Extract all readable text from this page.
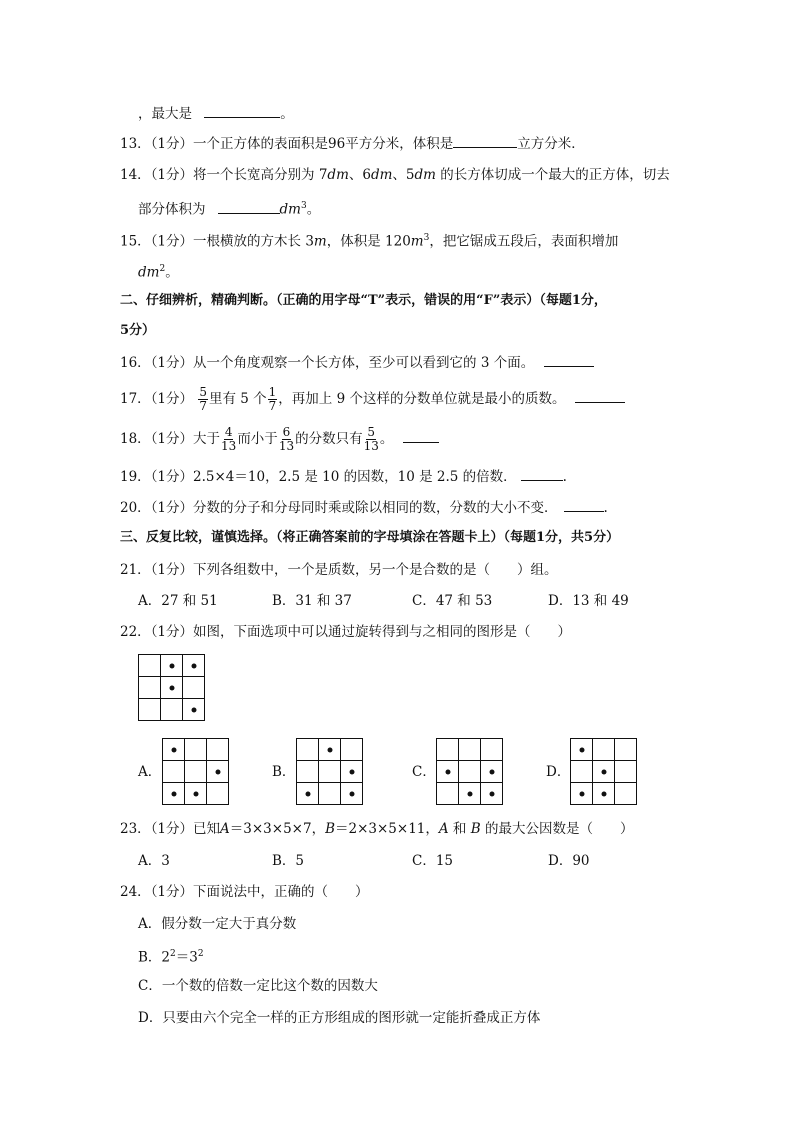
，最大是	。
13．（1分）一个正方体的表面积是96平方分米，体积是	立方分米．
14．（1分）将一个长宽高分别为 7dm、6dm、5dm 的长方体切成一个最大的正方体，切去
部分体积为	$dm^3$。
15．（1分）一根横放的方木长 3m，体积是 $120m^3$，把它锯成五段后，表面积增加
$dm^2$。
二、仔细辨析，精确判断。（正确的用字母“T”表示，错误的用“F”表示）（每题1分，
5分）
16．（1分）从一个角度观察一个长方体，至少可以看到它的 3 个面。
17．（1分） $\frac{5}{7}$ 里有 5 个 $\frac{1}{7}$ ，再加上 9 个这样的分数单位就是最小的质数。
18．（1分）大于 $\frac{4}{13}$ 而小于 $\frac{6}{13}$ 的分数只有 $\frac{5}{13}$ 。
19．（1分）2.5×4＝10，2.5 是 10 的因数，10 是 2.5 的倍数．	.
20．（1分）分数的分子和分母同时乘或除以相同的数，分数的大小不变．	.
三、反复比较，谨慎选择。（将正确答案前的字母填涂在答题卡上）（每题1分，共5分）
21．（1分）下列各组数中，一个是质数，另一个是合数的是（　　）组。
A．27 和 51	B．31 和 37	C．47 和 53	D．13 和 49
22．（1分）如图，下面选项中可以通过旋转得到与之相同的图形是（　　）
A．	B．	C．	D．
23．（1分）已知A＝3×3×5×7，B＝2×3×5×11，A 和 B 的最大公因数是（　　）
A．3	B．5	C．15	D．90
24．（1分）下面说法中，正确的（　　）
A．假分数一定大于真分数
B．$2^2=3^2$
C．一个数的倍数一定比这个数的因数大
D．只要由六个完全一样的正方形组成的图形就一定能折叠成正方体
